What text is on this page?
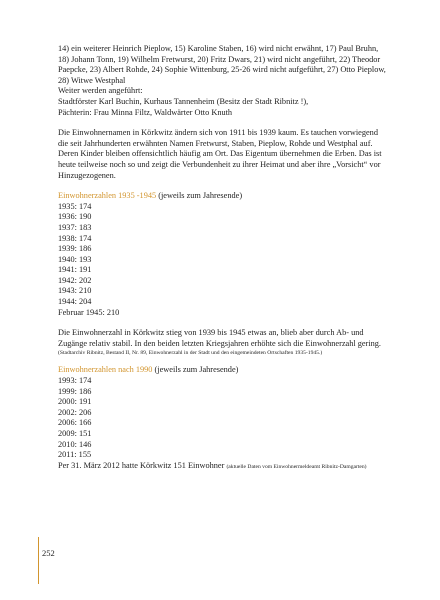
14) ein weiterer Heinrich Pieplow, 15) Karoline Staben, 16) wird nicht erwähnt, 17) Paul Bruhn,

18) Johann Tonn, 19) Wilhelm Fretwurst, 20) Fritz Dwars, 21) wird nicht angeführt, 22) Theodor

Paepcke, 23) Albert Rohde, 24) Sophie Wittenburg, 25-26 wird nicht aufgeführt, 27) Otto Pieplow,

28) Witwe Westphal

Weiter werden angeführt:

Stadtförster Karl Buchin, Kurhaus Tannenheim (Besitz der Stadt Ribnitz !),

Pächterin: Frau Minna Filtz, Waldwärter Otto Knuth

Die Einwohnernamen in Körkwitz ändern sich von 1911 bis 1939 kaum. Es tauchen vorwiegend

die seit Jahrhunderten erwähnten Namen Fretwurst, Staben, Pieplow, Rohde und Westphal auf.

Deren Kinder bleiben offensichtlich häufig am Ort. Das Eigentum übernehmen die Erben. Das ist

heute teilweise noch so und zeigt die Verbundenheit zu ihrer Heimat und aber ihre „Vorsicht“ vor

Hinzugezogenen.

Einwohnerzahlen 1935 -1945 (jeweils zum Jahresende)

1935: 174
1936: 190
1937: 183
1938: 174
1939: 186
1940: 193
1941: 191
1942: 202
1943: 210
1944: 204
Februar 1945: 210

Die Einwohnerzahl in Körkwitz stieg von 1939 bis 1945 etwas an, blieb aber durch Ab- und

Zugänge relativ stabil. In den beiden letzten Kriegsjahren erhöhte sich die Einwohnerzahl gering.

(Stadtarchiv Ribnitz, Bestand II, Nr. 89, Einwohnerzahl in der Stadt und den eingemeindeten Ortschaften 1935-1945.)

Einwohnerzahlen nach 1990 (jeweils zum Jahresende)

1993: 174
1999: 186
2000: 191
2002: 206
2006: 166
2009: 151
2010: 146
2011: 155

Per 31. März 2012 hatte Körkwitz 151 Einwohner (aktuelle Daten vom Einwohnermeldeamt Ribnitz-Damgarten)

252
